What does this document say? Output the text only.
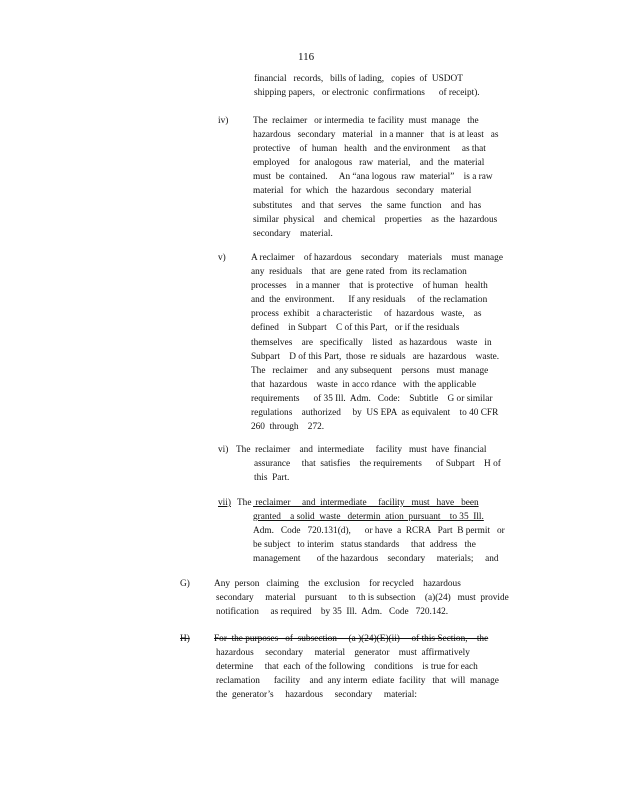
116
financial   records,   bills of lading,   copies  of  USDOT
shipping papers,   or electronic  confirmations      of receipt).
iv)	The  reclaimer   or intermedia  te facility  must  manage   the
hazardous   secondary   material   in a manner   that  is at least   as
protective    of  human   health   and the environment     as that
employed    for  analogous   raw  material,    and  the  material
must  be  contained.     An “ana logous  raw  material”    is a raw
material   for  which   the  hazardous   secondary   material
substitutes    and  that  serves    the  same  function    and  has
similar  physical    and  chemical    properties    as  the  hazardous
secondary    material.
v)	A reclaimer    of hazardous    secondary    materials    must  manage
any  residuals    that  are  gene rated  from  its reclamation
processes    in a manner    that  is protective    of human   health
and  the  environment.      If any residuals     of  the reclamation
process  exhibit   a characteristic     of  hazardous   waste,    as
defined    in Subpart    C of this Part,   or if the residuals
themselves    are   specifically    listed   as hazardous    waste   in
Subpart    D of this Part,  those  re siduals   are  hazardous    waste.
The   reclaimer    and  any subsequent    persons   must  manage
that  hazardous    waste  in acco rdance   with  the applicable
requirements      of 35 Ill.  Adm.   Code:    Subtitle    G or similar
regulations    authorized     by  US EPA  as equivalent    to 40 CFR
260  through    272.
vi) The  reclaimer    and  intermediate     facility   must  have  financial
assurance     that  satisfies    the requirements      of Subpart    H of
this  Part.
vii) The reclaimer     and  intermediate     facility   must   have   been
granted    a solid  waste   determin  ation  pursuant    to 35  Ill.
Adm.   Code   720.131(d),      or have  a  RCRA   Part  B permit   or
be subject   to interim   status standards     that  address   the
management       of the hazardous    secondary     materials;     and
G)	Any  person   claiming    the  exclusion    for recycled    hazardous
secondary     material    pursuant     to th is subsection    (a)(24)   must  provide
notification     as required    by 35  Ill.  Adm.   Code   720.142.
H)	For  the purposes   of  subsection     (a )(24)(E)(ii)     of this Section,    the
hazardous     secondary     material    generator    must  affirmatively
determine     that  each  of the following    conditions    is true for each
reclamation      facility    and  any interm  ediate  facility   that  will  manage
the  generator’s     hazardous     secondary     material:
